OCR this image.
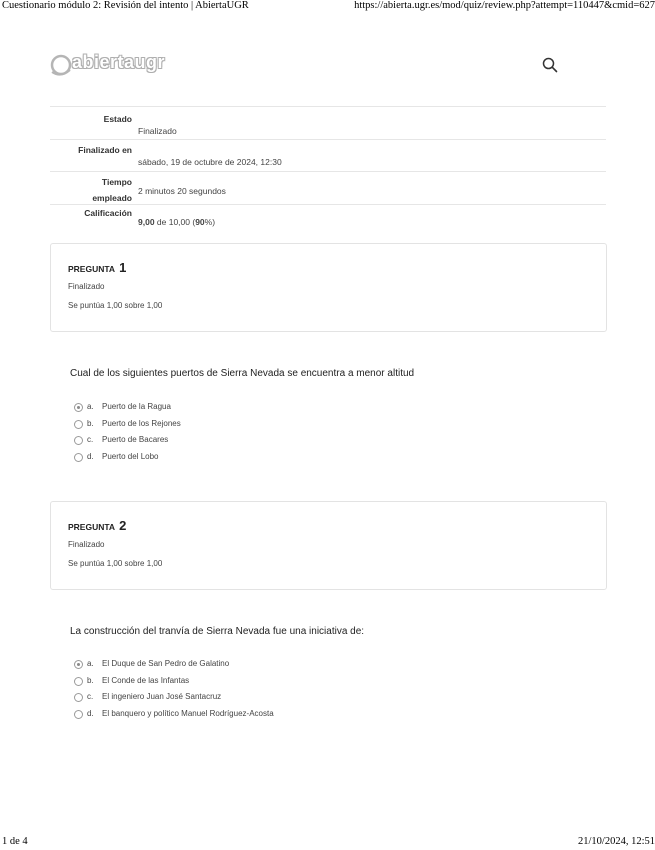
Cuestionario módulo 2: Revisión del intento | AbiertaUGR	https://abierta.ugr.es/mod/quiz/review.php?attempt=110447&cmid=627
abiertaugr
Estado
Finalizado
Finalizado en
sábado, 19 de octubre de 2024, 12:30
Tiempo
empleado
2 minutos 20 segundos
Calificación
9,00 de 10,00 (90%)
PREGUNTA 1
Finalizado
Se puntúa 1,00 sobre 1,00
Cual de los siguientes puertos de Sierra Nevada se encuentra a menor altitud
a. Puerto de la Ragua
b. Puerto de los Rejones
c. Puerto de Bacares
d. Puerto del Lobo
PREGUNTA 2
Finalizado
Se puntúa 1,00 sobre 1,00
La construcción del tranvía de Sierra Nevada fue una iniciativa de:
a. El Duque de San Pedro de Galatino
b. El Conde de las Infantas
c. El ingeniero Juan José Santacruz
d. El banquero y político Manuel Rodríguez-Acosta
1 de 4	21/10/2024, 12:51
